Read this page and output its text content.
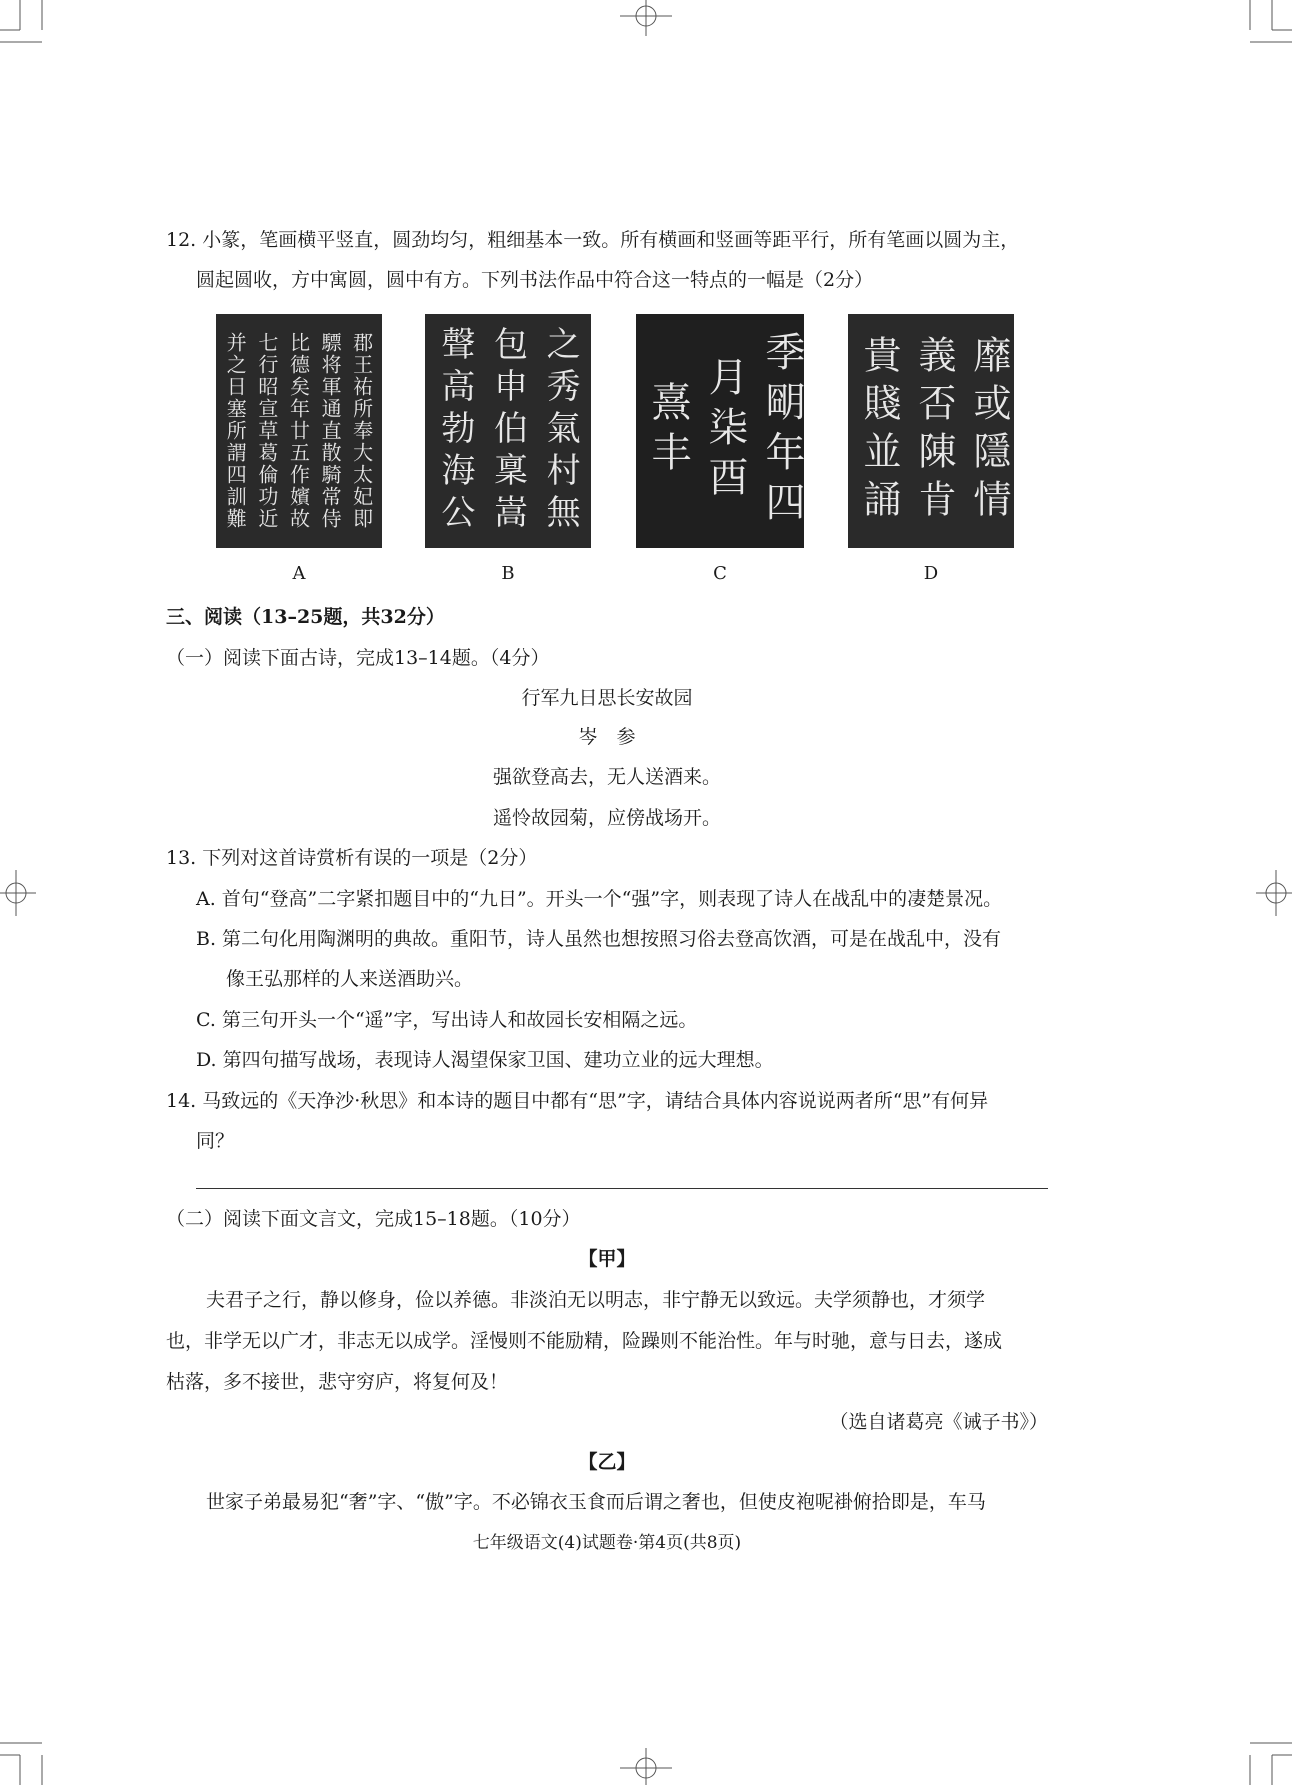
12. 小篆，笔画横平竖直，圆劲均匀，粗细基本一致。所有横画和竖画等距平行，所有笔画以圆为主，
圆起圆收，方中寓圆，圆中有方。下列书法作品中符合这一特点的一幅是（2分）
郡王祐所奉大太妃即
驃将軍通直散騎常侍
比德矣年廿五作嬪故
七行昭宣草葛倫功近
并之日塞所謂四訓難	之秀氣村無
包申伯稟嵩
聲高勃海公	季朙年四
月柒酉
熹丰	靡或隱情
義否陳肯
貴賤並誦
A	B	C	D
三、阅读（13–25题，共32分）
（一）阅读下面古诗，完成13–14题。（4分）
行军九日思长安故园
岑　参
强欲登高去，无人送酒来。
遥怜故园菊，应傍战场开。
13. 下列对这首诗赏析有误的一项是（2分）
A. 首句“登高”二字紧扣题目中的“九日”。开头一个“强”字，则表现了诗人在战乱中的凄楚景况。
B. 第二句化用陶渊明的典故。重阳节，诗人虽然也想按照习俗去登高饮酒，可是在战乱中，没有
像王弘那样的人来送酒助兴。
C. 第三句开头一个“遥”字，写出诗人和故园长安相隔之远。
D. 第四句描写战场，表现诗人渴望保家卫国、建功立业的远大理想。
14. 马致远的《天净沙·秋思》和本诗的题目中都有“思”字，请结合具体内容说说两者所“思”有何异
同？
（二）阅读下面文言文，完成15–18题。（10分）
【甲】
夫君子之行，静以修身，俭以养德。非淡泊无以明志，非宁静无以致远。夫学须静也，才须学
也，非学无以广才，非志无以成学。淫慢则不能励精，险躁则不能治性。年与时驰，意与日去，遂成
枯落，多不接世，悲守穷庐，将复何及！
（选自诸葛亮《诫子书》）
【乙】
世家子弟最易犯“奢”字、“傲”字。不必锦衣玉食而后谓之奢也，但使皮袍呢褂俯拾即是，车马
七年级语文(4)试题卷·第4页(共8页)
